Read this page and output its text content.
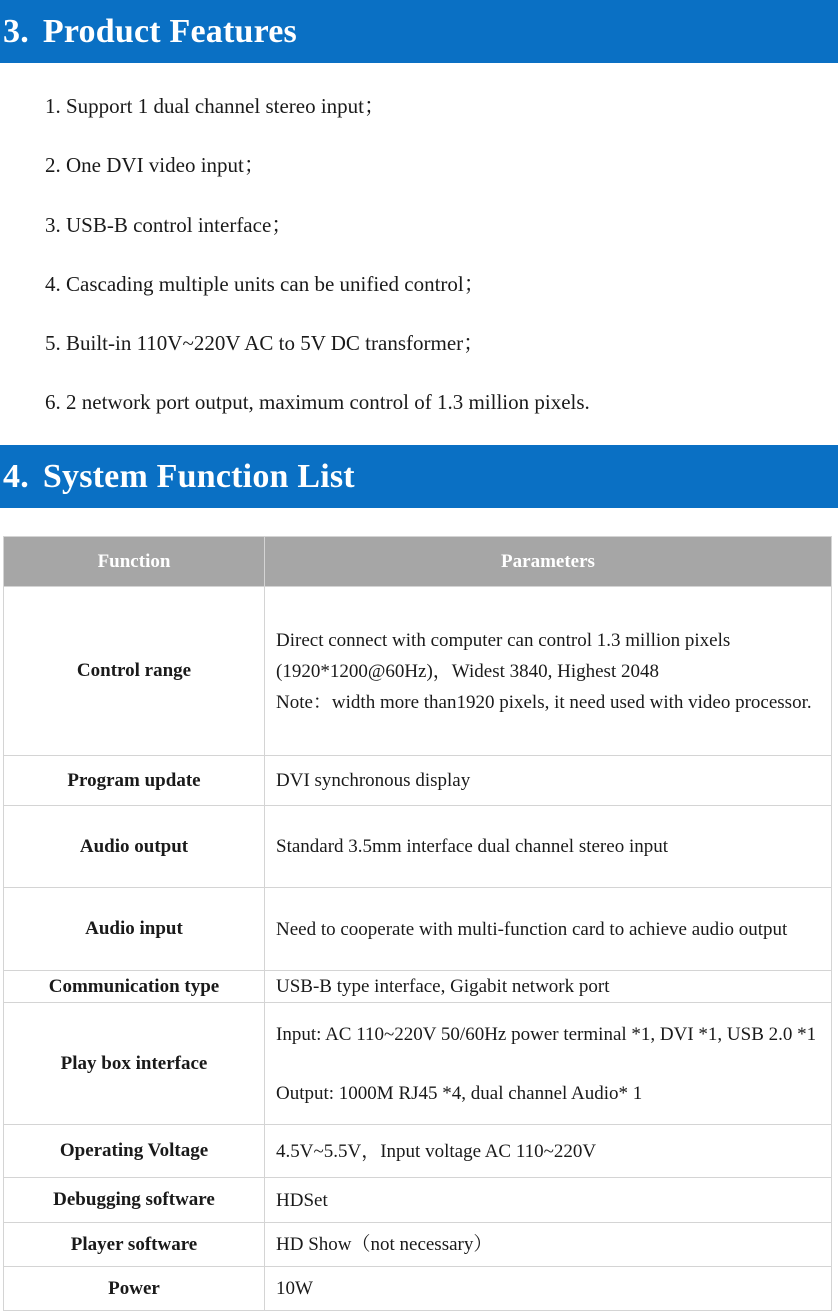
3. Product Features
1. Support 1 dual channel stereo input；
2. One DVI video input；
3. USB-B control interface；
4. Cascading multiple units can be unified control；
5. Built-in 110V~220V AC to 5V DC transformer；
6. 2 network port output, maximum control of 1.3 million pixels.
4. System Function List
Function	Parameters
Control range	Direct connect with computer can control 1.3 million pixels (1920*1200@60Hz)，Widest 3840, Highest 2048
Note：width more than1920 pixels, it need used with video processor.

Program update	DVI synchronous display

Audio output	Standard 3.5mm interface dual channel stereo input

Audio input	Need to cooperate with multi-function card to achieve audio output

Communication type	USB-B type interface, Gigabit network port

Play box interface	Input: AC 110~220V 50/60Hz power terminal *1, DVI *1, USB 2.0 *1
Output: 1000M RJ45 *4, dual channel Audio* 1

Operating Voltage	4.5V~5.5V，Input voltage AC 110~220V

Debugging software	HDSet

Player software	HD Show（not necessary）

Power	10W
